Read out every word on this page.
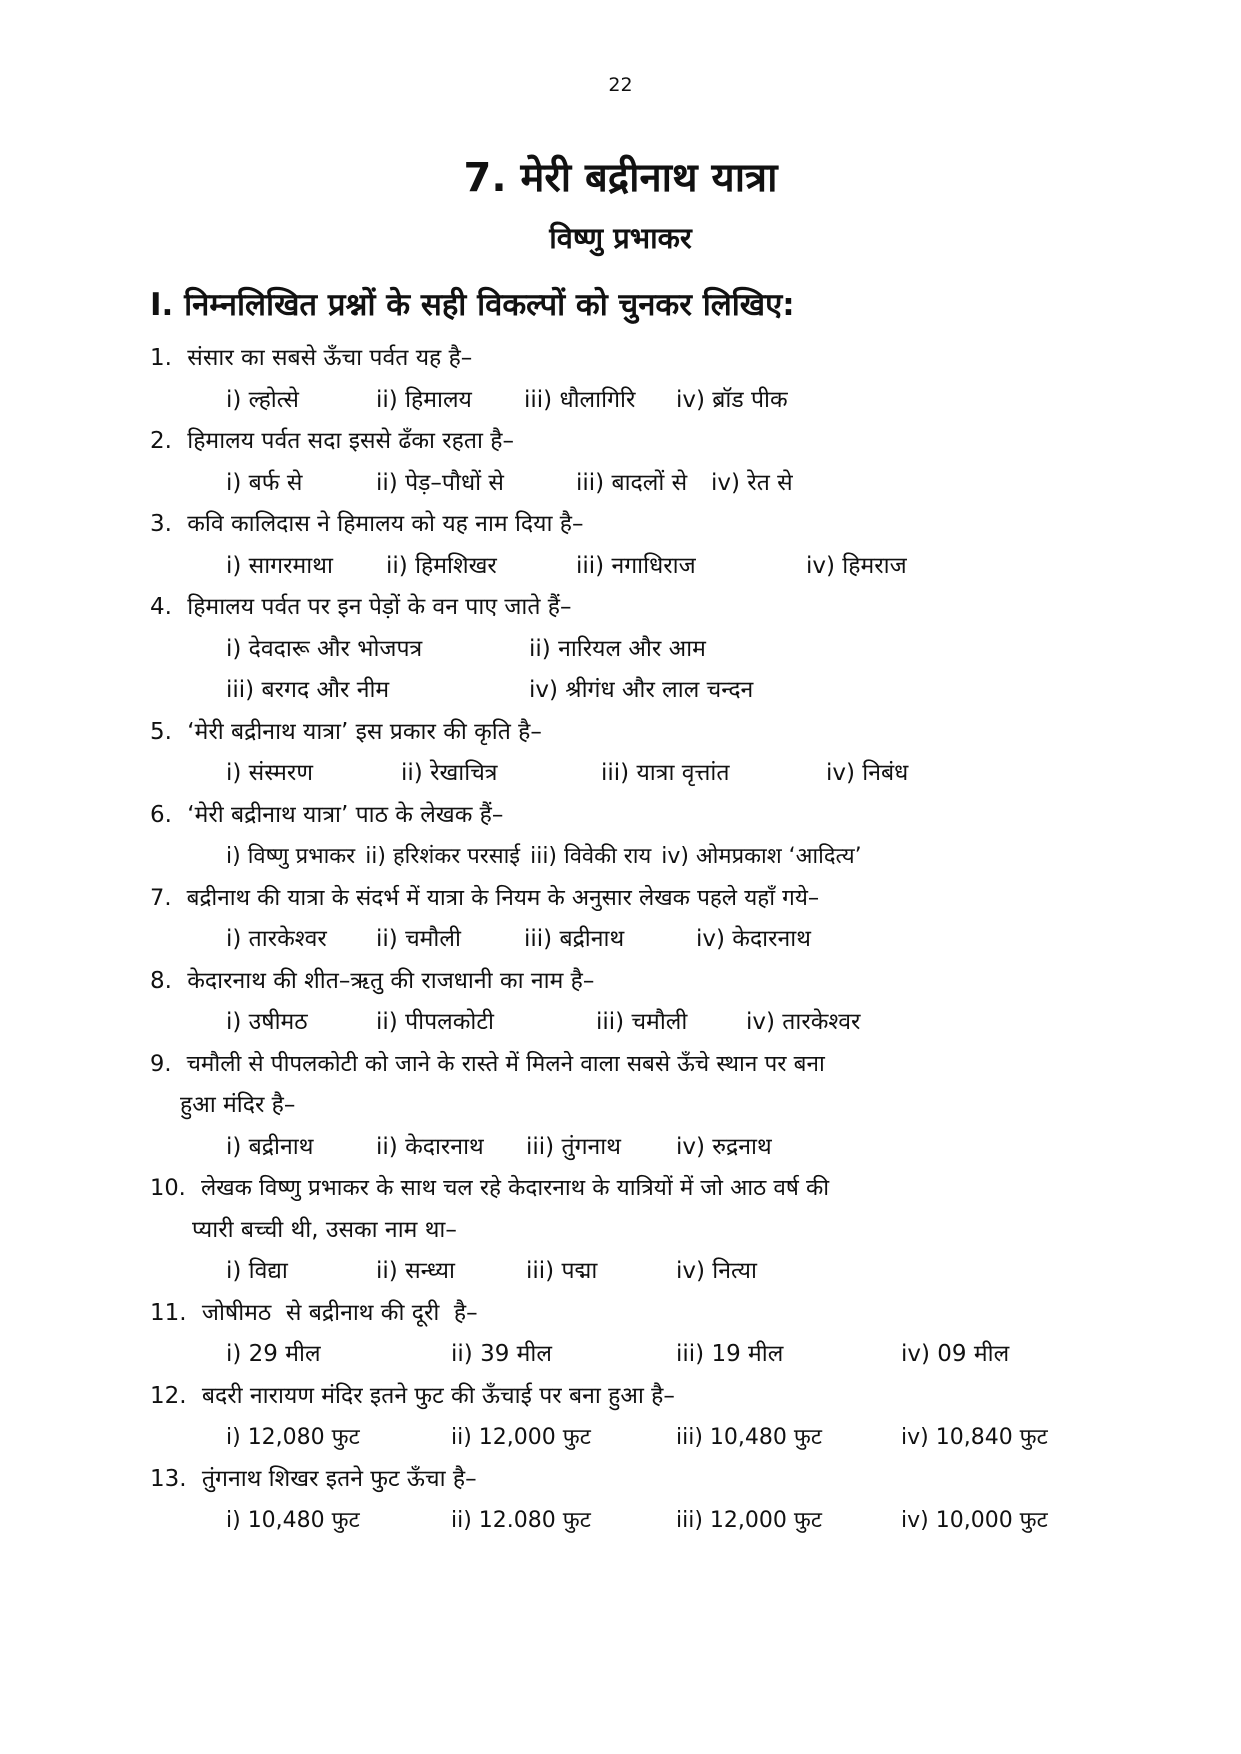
22
7. मेरी बद्रीनाथ यात्रा
विष्णु प्रभाकर
I. निम्नलिखित प्रश्नों के सही विकल्पों को चुनकर लिखिए:
1. संसार का सबसे ऊँचा पर्वत यह है–
i) ल्होत्से	ii) हिमालय	iii) धौलागिरि	iv) ब्रॉड पीक
2. हिमालय पर्वत सदा इससे ढँका रहता है–
i) बर्फ से	ii) पेड़–पौधों से	iii) बादलों से	iv) रेत से
3. कवि कालिदास ने हिमालय को यह नाम दिया है–
i) सागरमाथा	ii) हिमशिखर	iii) नगाधिराज	iv) हिमराज
4. हिमालय पर्वत पर इन पेड़ों के वन पाए जाते हैं–
i) देवदारू और भोजपत्र	ii) नारियल और आम
iii) बरगद और नीम	iv) श्रीगंध और लाल चन्दन
5. ‘मेरी बद्रीनाथ यात्रा’ इस प्रकार की कृति है–
i) संस्मरण	ii) रेखाचित्र	iii) यात्रा वृत्तांत	iv) निबंध
6. ‘मेरी बद्रीनाथ यात्रा’ पाठ के लेखक हैं–
i) विष्णु प्रभाकर ii) हरिशंकर परसाई iii) विवेकी राय iv) ओमप्रकाश ‘आदित्य’
7. बद्रीनाथ की यात्रा के संदर्भ में यात्रा के नियम के अनुसार लेखक पहले यहाँ गये–
i) तारकेश्वर	ii) चमौली	iii) बद्रीनाथ	iv) केदारनाथ
8. केदारनाथ की शीत–ऋतु की राजधानी का नाम है–
i) उषीमठ	ii) पीपलकोटी	iii) चमौली	iv) तारकेश्वर
9. चमौली से पीपलकोटी को जाने के रास्ते में मिलने वाला सबसे ऊँचे स्थान पर बना
हुआ मंदिर है–
i) बद्रीनाथ	ii) केदारनाथ	iii) तुंगनाथ	iv) रुद्रनाथ
10. लेखक विष्णु प्रभाकर के साथ चल रहे केदारनाथ के यात्रियों में जो आठ वर्ष की
प्यारी बच्ची थी, उसका नाम था–
i) विद्या	ii) सन्ध्या	iii) पद्मा	iv) नित्या
11. जोषीमठ  से बद्रीनाथ की दूरी  है–
i) 29 मील	ii) 39 मील	iii) 19 मील	iv) 09 मील
12. बदरी नारायण मंदिर इतने फुट की ऊँचाई पर बना हुआ है–
i) 12,080 फुट	ii) 12,000 फुट	iii) 10,480 फुट	iv) 10,840 फुट
13. तुंगनाथ शिखर इतने फुट ऊँचा है–
i) 10,480 फुट	ii) 12.080 फुट	iii) 12,000 फुट	iv) 10,000 फुट
